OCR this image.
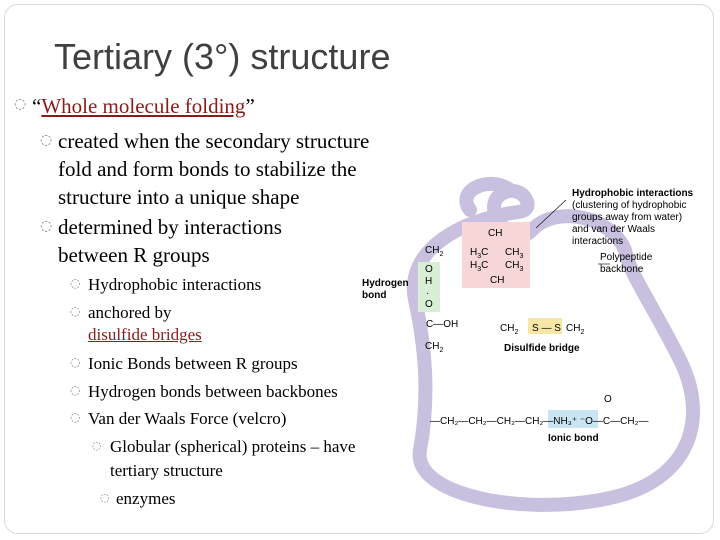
Tertiary (3°) structure
◌ “Whole molecule folding”
◌ created when the secondary structure
fold and form bonds to stabilize the
structure into a unique shape
◌ determined by interactions
between R groups
◌ Hydrophobic interactions
◌ anchored by
disulfide bridges
◌ Ionic Bonds between R groups
◌ Hydrogen bonds between backbones
◌ Van der Waals Force (velcro)
◌ Globular (spherical) proteins – have
tertiary structure
◌ enzymes
CH
$H_3C$ $CH_3$
$H_3C$ $CH_3$
CH
$CH_2$
O
H
·
O
C—OH
$CH_2$
Hydrogen
bond
$CH_2$ S — S $CH_2$
Disulfide bridge
O
—CH₂—CH₂—CH₂—CH₂—NH₃⁺ ⁻O—C—CH₂—
Ionic bond
Hydrophobic interactions
(clustering of hydrophobic
groups away from water)
and van der Waals
interactions
Polypeptide
backbone
